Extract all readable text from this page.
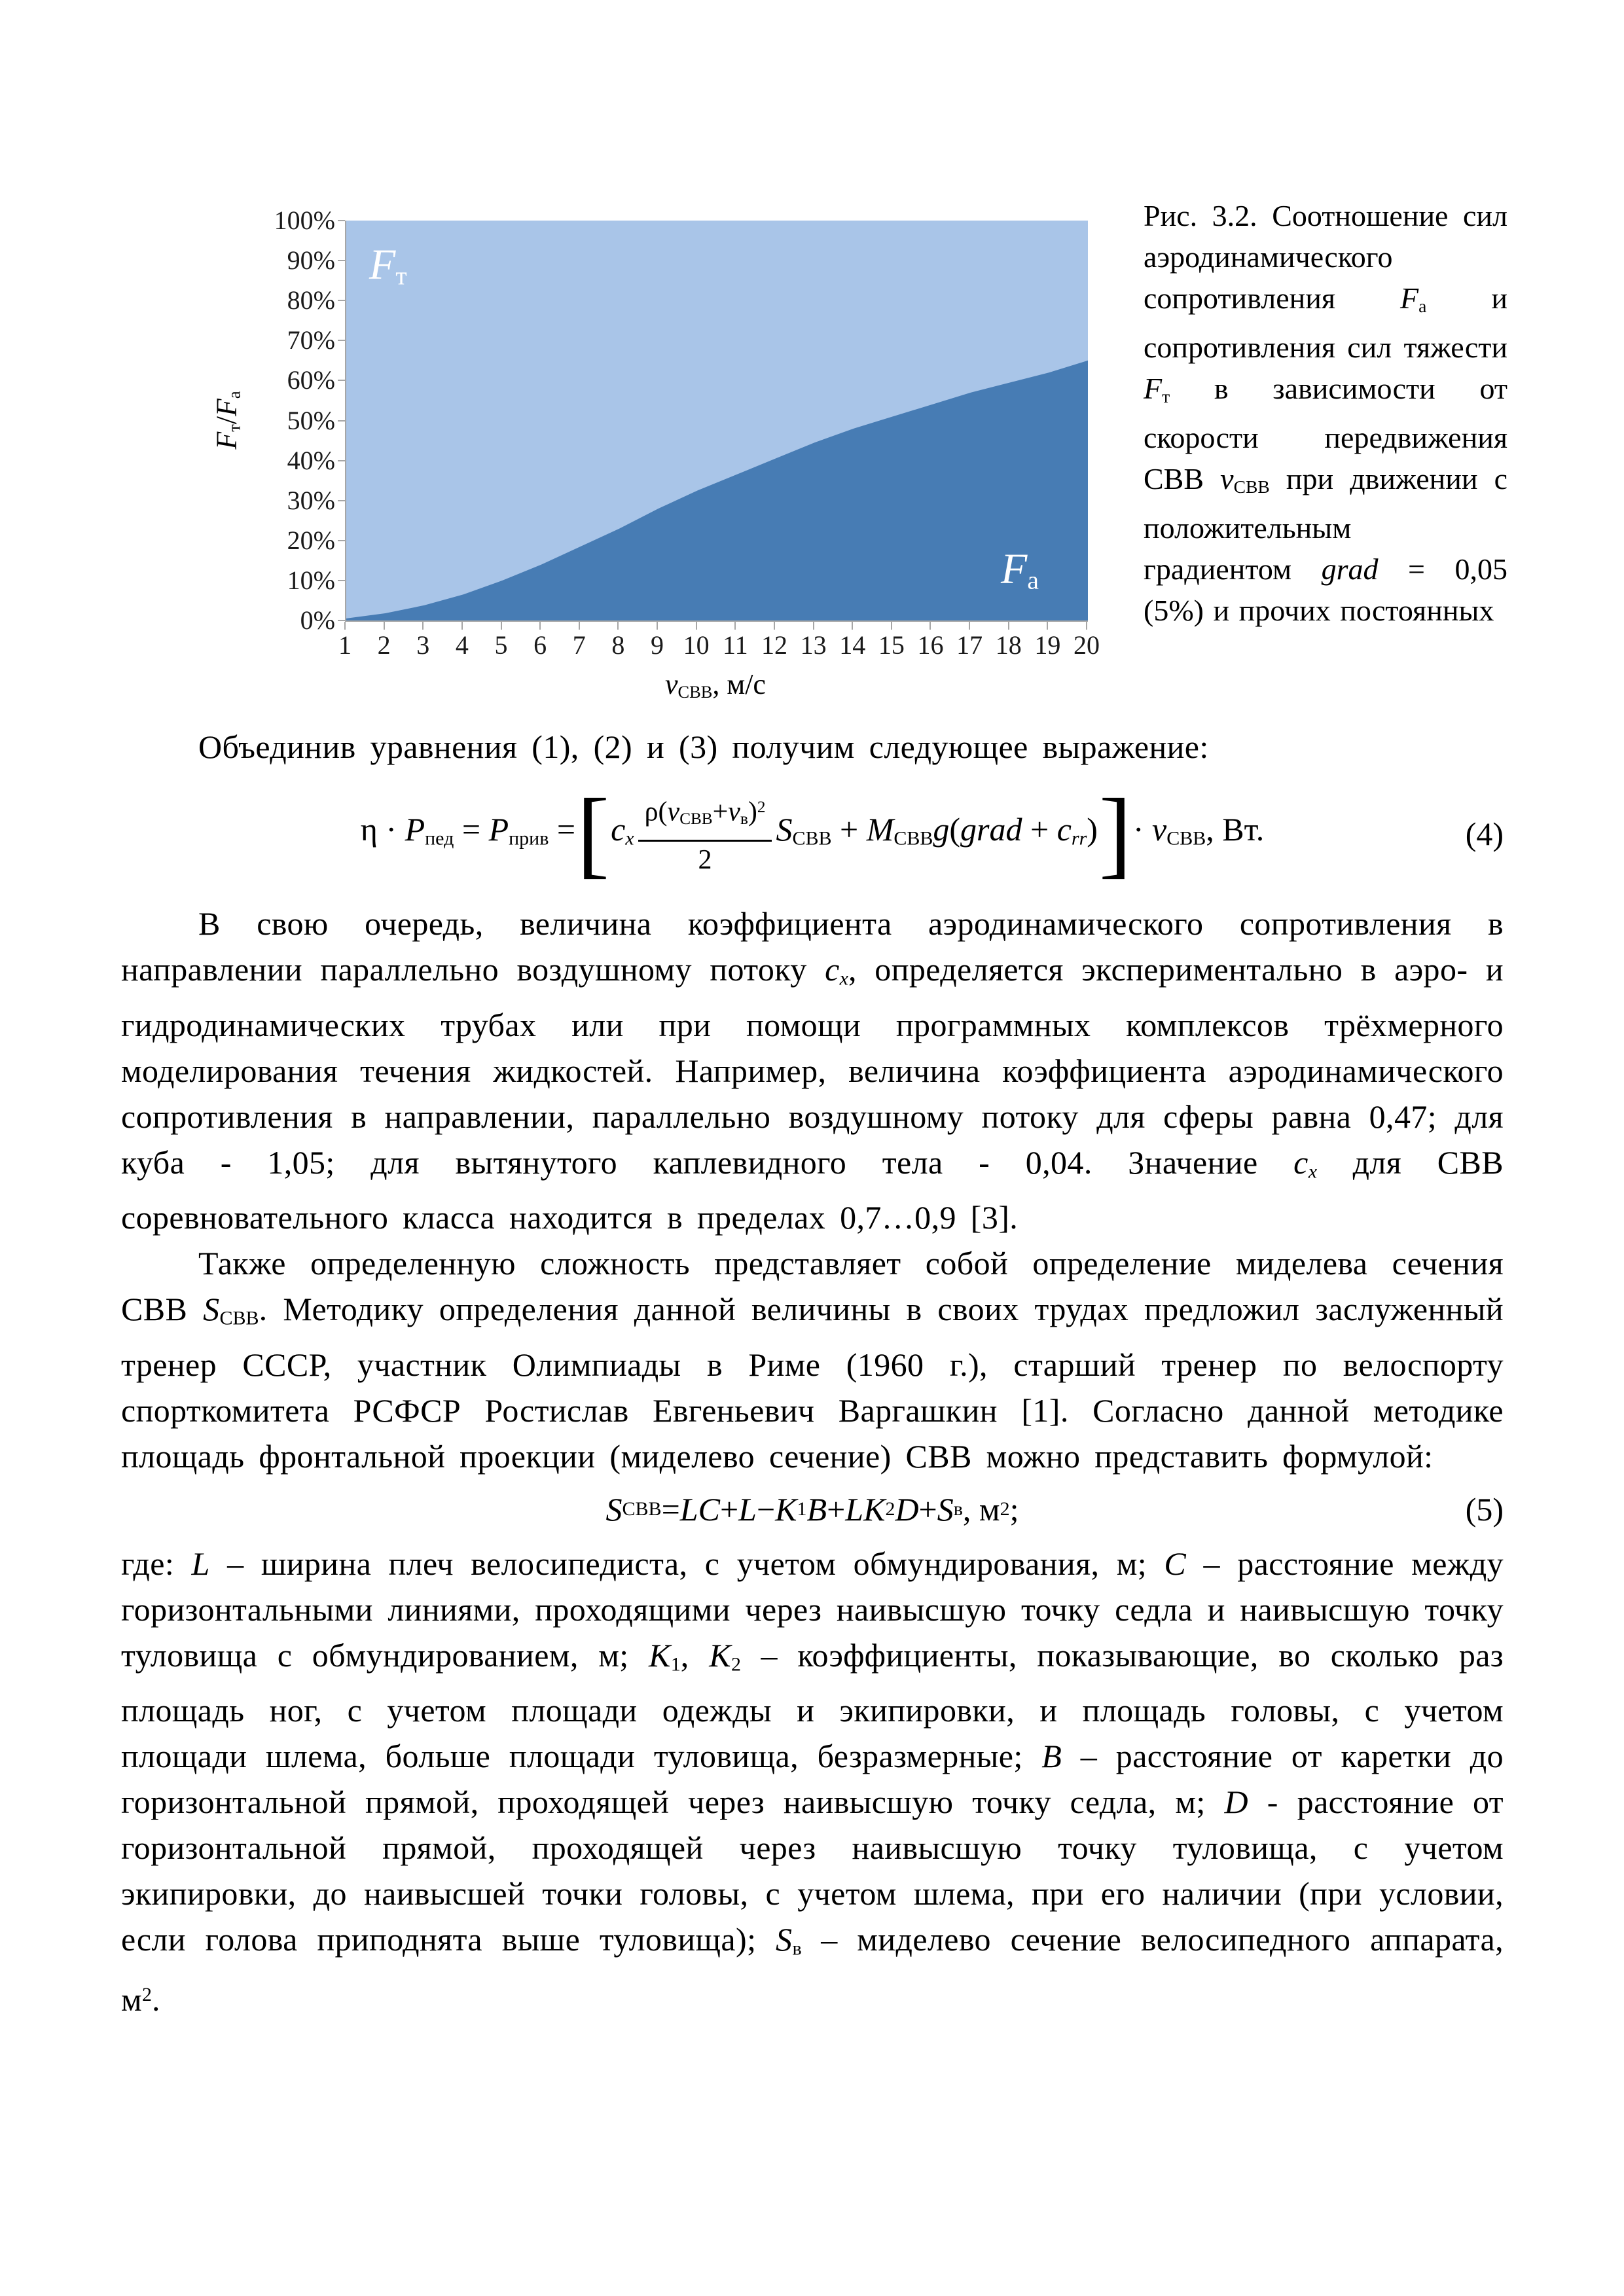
Fт/Fа
0%
10%
20%
30%
40%
50%
60%
70%
80%
90%
100%
1 2 3 4 5 6 7 8 9 10 11 12 13 14 15 16 17 18 19 20
Fт
Fа
vСВВ, м/с
Рис. 3.2. Соотношение сил аэродинамического сопротивления Fа и сопротивления сил тяжести Fт в зависимости от скорости передвижения СВВ vСВВ при движении с положительным градиентом grad = 0,05 (5%) и прочих постоянных

Объединив уравнения (1), (2) и (3) получим следующее выражение:

η · Pпед = Pприв = [ cx $\frac{\rho(vСВВ+vв)^2}{2}$ SСВВ + MСВВg(grad + crr) ] · vСВВ, Вт.	(4)

В свою очередь, величина коэффициента аэродинамического сопротивления в направлении параллельно воздушному потоку cx, определяется экспериментально в аэро- и гидродинамических трубах или при помощи программных комплексов трёхмерного моделирования течения жидкостей. Например, величина коэффициента аэродинамического сопротивления в направлении, параллельно воздушному потоку для сферы равна 0,47; для куба - 1,05; для вытянутого каплевидного тела - 0,04. Значение cx для СВВ соревновательного класса находится в пределах 0,7…0,9 [3].

Также определенную сложность представляет собой определение миделева сечения СВВ SСВВ. Методику определения данной величины в своих трудах предложил заслуженный тренер СССР, участник Олимпиады в Риме (1960 г.), старший тренер по велоспорту спорткомитета РСФСР Ростислав Евгеньевич Варгашкин [1]. Согласно данной методике площадь фронтальной проекции (миделево сечение) СВВ можно представить формулой:

S СВВ = LC + L − K 1 B + LK 2 D + S в , м 2 ;	(5)

где: L – ширина плеч велосипедиста, с учетом обмундирования, м; C – расстояние между горизонтальными линиями, проходящими через наивысшую точку седла и наивысшую точку туловища с обмундированием, м; K1, K2 – коэффициенты, показывающие, во сколько раз площадь ног, с учетом площади одежды и экипировки, и площадь головы, с учетом площади шлема, больше площади туловища, безразмерные; B – расстояние от каретки до горизонтальной прямой, проходящей через наивысшую точку седла, м; D - расстояние от горизонтальной прямой, проходящей через наивысшую точку туловища, с учетом экипировки, до наивысшей точки головы, с учетом шлема, при его наличии (при условии, если голова приподнята выше туловища); Sв – миделево сечение велосипедного аппарата, $м^2$.
